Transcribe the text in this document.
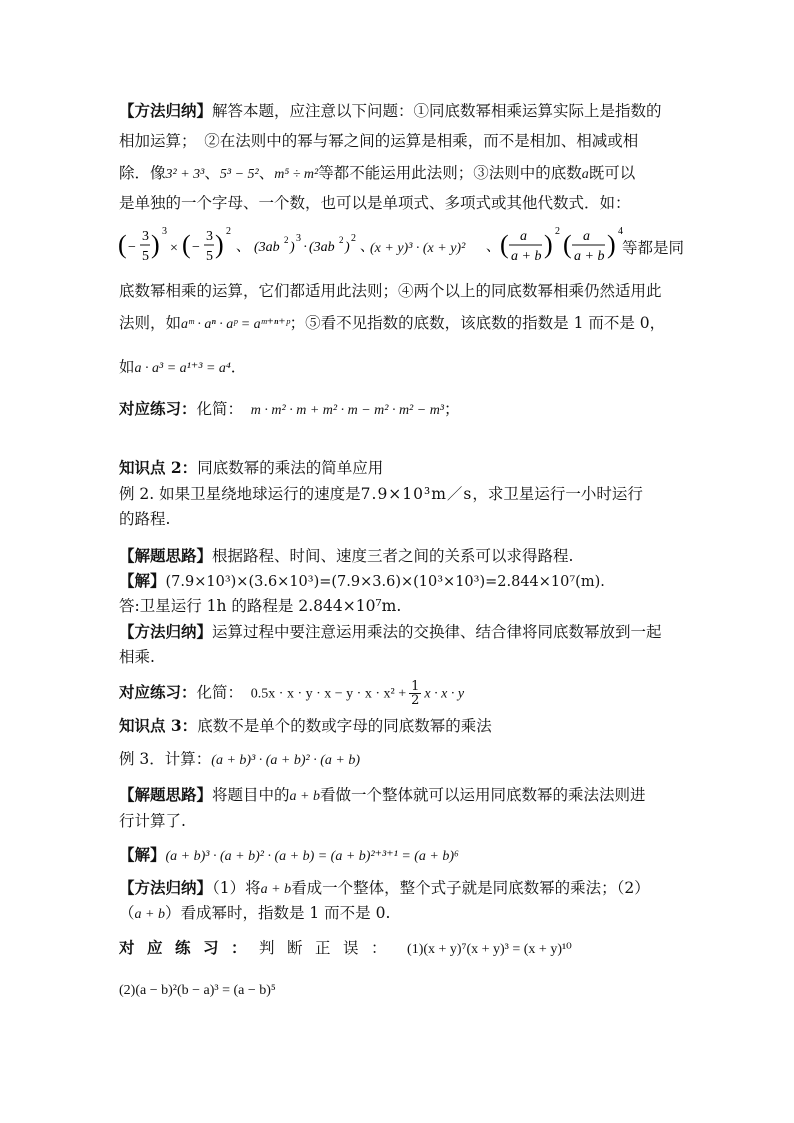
【方法归纳】解答本题，应注意以下问题：①同底数幂相乘运算实际上是指数的
相加运算；　②在法则中的幂与幂之间的运算是相乘，而不是相加、相减或相
除．像3² + 3³、5³ − 5²、m⁵ ÷ m²等都不能运用此法则；③法则中的底数a既可以
是单独的一个字母、一个数，也可以是单项式、多项式或其他代数式．如：
( −
3
5 ) 3
× ( −
3
5 ) 2
、 (3ab 2 )
3
· (3ab 2 )
2
、	、 ( a
a + b ) 2 ( a
a + b ) 4
(x + y)³ · (x + y)²	等都是同
底数幂相乘的运算，它们都适用此法则；④两个以上的同底数幂相乘仍然适用此
法则，如aᵐ · aⁿ · aᵖ = aᵐ⁺ⁿ⁺ᵖ；⑤看不见指数的底数，该底数的指数是 1 而不是 0，
如a · a³ = a¹⁺³ = a⁴．
对应练习：化简：　 m · m² · m + m² · m − m² · m² − m³；
知识点 2：同底数幂的乘法的简单应用
例 2. 如果卫星绕地球运行的速度是7.9×10³m／s，求卫星运行一小时运行
的路程.
【解题思路】根据路程、时间、速度三者之间的关系可以求得路程.
【解】(7.9×10³)×(3.6×10³)=(7.9×3.6)×(10³×10³)=2.844×10⁷(m).
答:卫星运行 1h 的路程是 2.844×10⁷m.
【方法归纳】运算过程中要注意运用乘法的交换律、结合律将同底数幂放到一起
相乘.
对应练习：化简：　 $0.5x \cdot x \cdot y \cdot x - y \cdot x \cdot x^2 + \frac{1}{2}$ x · x · y
知识点 3：底数不是单个的数或字母的同底数幂的乘法
例 3．计算：(a + b)³ · (a + b)² · (a + b)
【解题思路】将题目中的a + b看做一个整体就可以运用同底数幂的乘法法则进
行计算了.
【解】(a + b)³ · (a + b)² · (a + b) = (a + b)²⁺³⁺¹ = (a + b)⁶
【方法归纳】（1）将a + b看成一个整体，整个式子就是同底数幂的乘法；（2）
（a + b）看成幂时，指数是 1 而不是 0.
对应练习：判断正误： (1)(x + y)⁷(x + y)³ = (x + y)¹⁰
(2)(a − b)²(b − a)³ = (a − b)⁵
